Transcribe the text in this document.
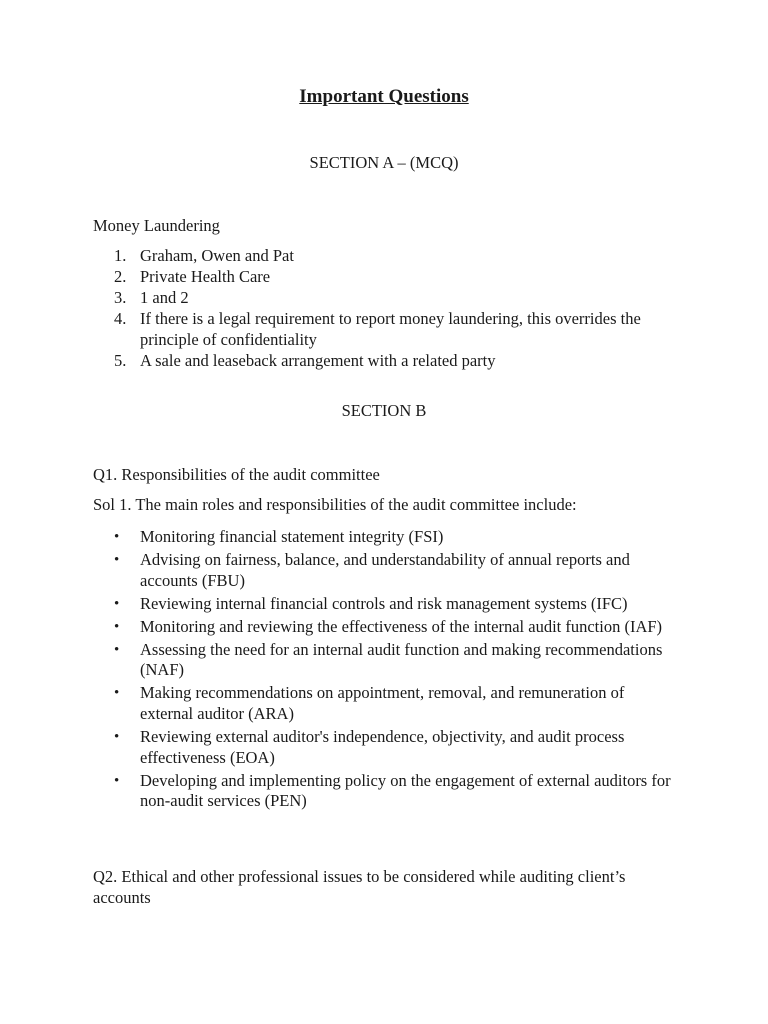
Important Questions
SECTION A – (MCQ)

Money Laundering

1. Graham, Owen and Pat
2. Private Health Care
3. 1 and 2
4. If there is a legal requirement to report money laundering, this overrides the principle of confidentiality
5. A sale and leaseback arrangement with a related party
SECTION B

Q1. Responsibilities of the audit committee

Sol 1. The main roles and responsibilities of the audit committee include:

•	Monitoring financial statement integrity (FSI)
•	Advising on fairness, balance, and understandability of annual reports and accounts (FBU)
•	Reviewing internal financial controls and risk management systems (IFC)
•	Monitoring and reviewing the effectiveness of the internal audit function (IAF)
•	Assessing the need for an internal audit function and making recommendations (NAF)
•	Making recommendations on appointment, removal, and remuneration of external auditor (ARA)
•	Reviewing external auditor's independence, objectivity, and audit process effectiveness (EOA)
•	Developing and implementing policy on the engagement of external auditors for non-audit services (PEN)

Q2. Ethical and other professional issues to be considered while auditing client’s accounts
